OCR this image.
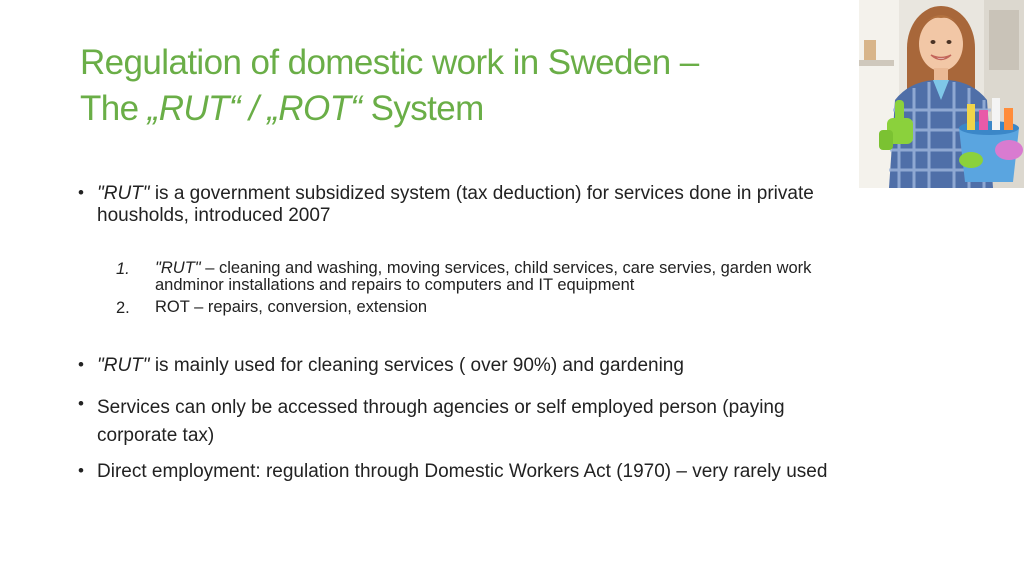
Regulation of domestic work in Sweden –
The „RUT“ / „ROT“ System
• "RUT" is a government subsidized system (tax deduction) for services done in private
housholds, introduced 2007
1. "RUT" – cleaning and washing, moving services, child services, care servies, garden work
andminor installations and repairs to computers and IT equipment
2. ROT – repairs, conversion, extension
• "RUT" is mainly used for cleaning services ( over 90%) and gardening
• Services can only be accessed through agencies or self employed person (paying
corporate tax)
• Direct employment: regulation through Domestic Workers Act (1970) – very rarely used
